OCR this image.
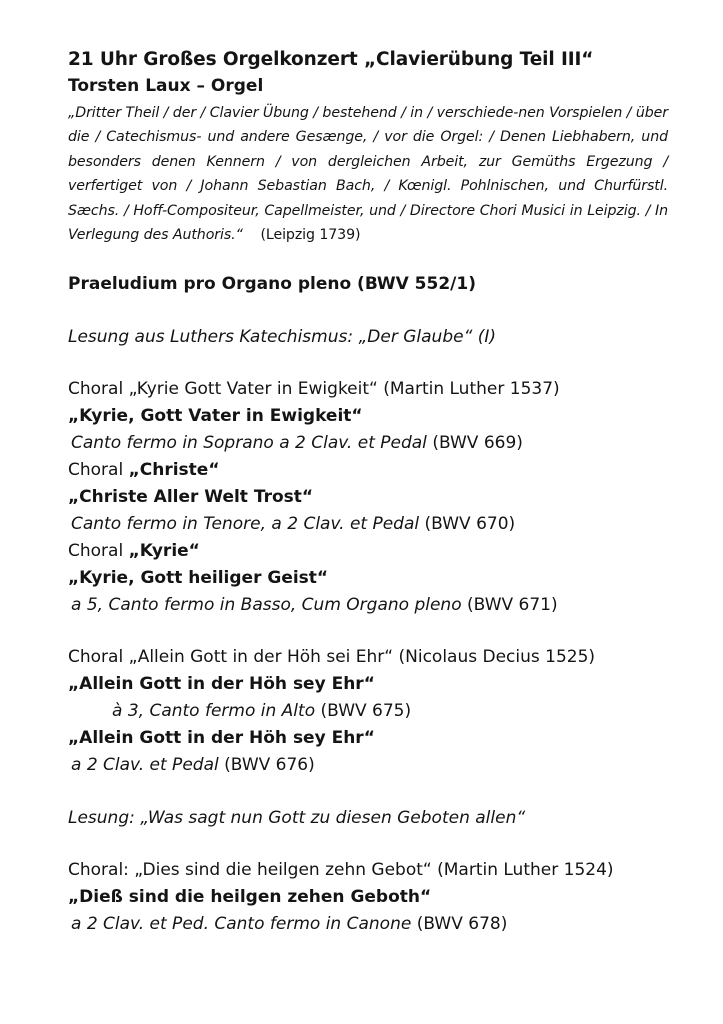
21 Uhr Großes Orgelkonzert „Clavierübung Teil III“
Torsten Laux – Orgel

„Dritter Theil / der / Clavier Übung / bestehend / in / verschiede-nen Vorspielen / über die / Catechismus- und andere Gesænge, / vor die Orgel: / Denen Liebhabern, und besonders denen Kennern / von dergleichen Arbeit, zur Gemüths Ergezung / verfertiget von / Johann Sebastian Bach, / Kœnigl. Pohlnischen, und Churfürstl. Sæchs. / Hoff-Compositeur, Capellmeister, und / Directore Chori Musici in Leipzig. / In Verlegung des Authoris.“ (Leipzig 1739)

Praeludium pro Organo pleno (BWV 552/1)
Lesung aus Luthers Katechismus: „Der Glaube“ (I)
Choral „Kyrie Gott Vater in Ewigkeit“ (Martin Luther 1537)
„Kyrie, Gott Vater in Ewigkeit“
Canto fermo in Soprano a 2 Clav. et Pedal (BWV 669)
Choral „Christe“
„Christe Aller Welt Trost“
Canto fermo in Tenore, a 2 Clav. et Pedal (BWV 670)
Choral „Kyrie“
„Kyrie, Gott heiliger Geist“
a 5, Canto fermo in Basso, Cum Organo pleno (BWV 671)
Choral „Allein Gott in der Höh sei Ehr“ (Nicolaus Decius 1525)
„Allein Gott in der Höh sey Ehr“
à 3, Canto fermo in Alto (BWV 675)
„Allein Gott in der Höh sey Ehr“
a 2 Clav. et Pedal (BWV 676)
Lesung: „Was sagt nun Gott zu diesen Geboten allen“
Choral: „Dies sind die heilgen zehn Gebot“ (Martin Luther 1524)
„Dieß sind die heilgen zehen Geboth“
a 2 Clav. et Ped. Canto fermo in Canone (BWV 678)
